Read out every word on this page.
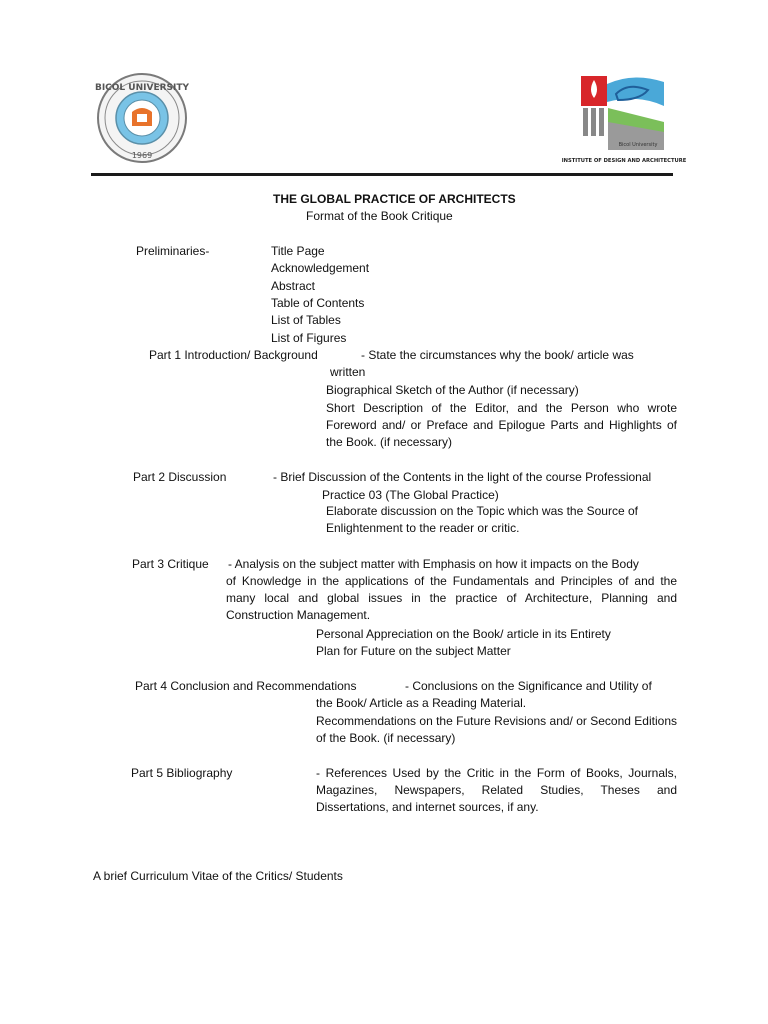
BICOL UNIVERSITY
1969
Bicol University
INSTITUTE OF DESIGN AND ARCHITECTURE
THE GLOBAL PRACTICE OF ARCHITECTS
Format of the Book Critique
Preliminaries-	Title Page
Acknowledgement
Abstract
Table of Contents
List of Tables
List of Figures
Part 1 Introduction/ Background	- State the circumstances why the book/ article was
written
Biographical Sketch of the Author (if necessary)
Short Description of the Editor, and the Person who wrote Foreword and/ or Preface and Epilogue Parts and Highlights of the Book. (if necessary)
Part 2 Discussion	- Brief Discussion of the Contents in the light of the course Professional
Practice 03 (The Global Practice)
Elaborate discussion on the Topic which was the Source of Enlightenment to the reader or critic.
Part 3 Critique - Analysis on the subject matter with Emphasis on how it impacts on the Body
of Knowledge in the applications of the Fundamentals and Principles of and the many local and global issues in the practice of Architecture, Planning and Construction Management.
Personal Appreciation on the Book/ article in its Entirety
Plan for Future on the subject Matter
Part 4 Conclusion and Recommendations	- Conclusions on the Significance and Utility of
the Book/ Article as a Reading Material.
Recommendations on the Future Revisions and/ or Second Editions of the Book. (if necessary)
Part 5 Bibliography	- References Used by the Critic in the Form of Books, Journals, Magazines, Newspapers, Related Studies, Theses and Dissertations, and internet sources, if any.
A brief Curriculum Vitae of the Critics/ Students
